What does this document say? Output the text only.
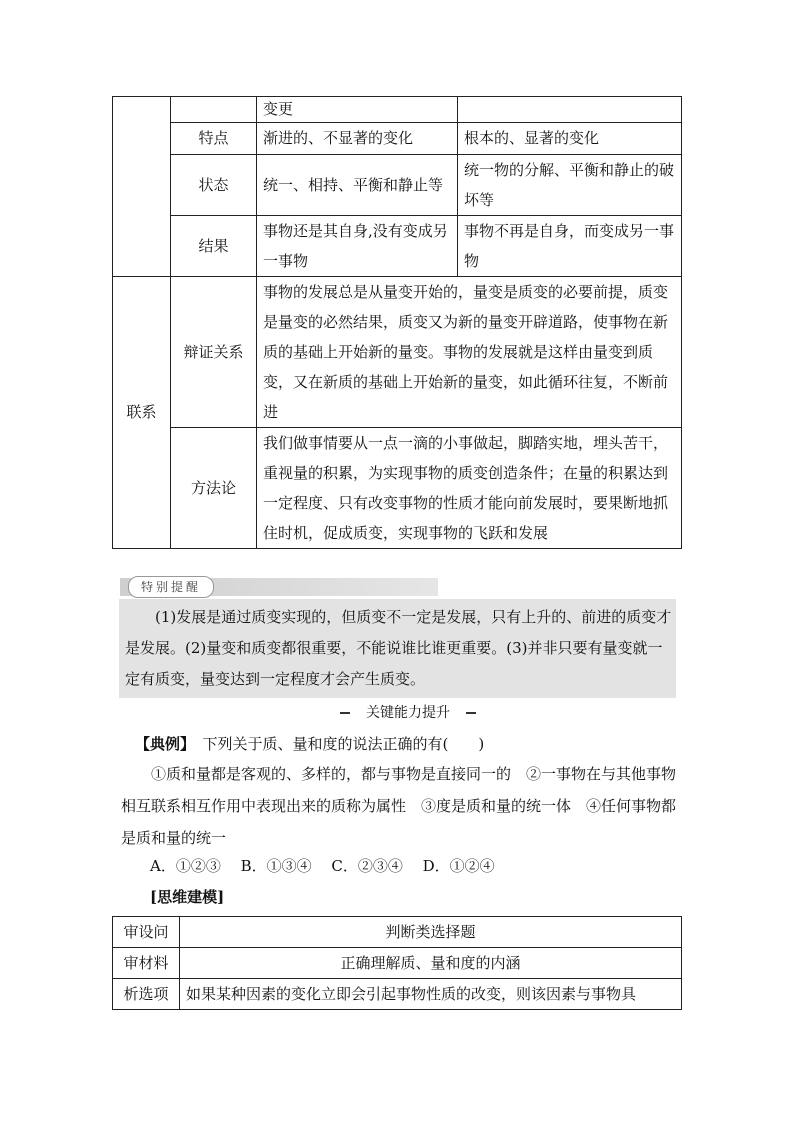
		变更	
	特点	渐进的、不显著的变化	根本的、显著的变化
	状态	统一、相持、平衡和静止等	统一物的分解、平衡和静止的破坏等
	结果	事物还是其自身,没有变成另一事物	事物不再是自身，而变成另一事物
联系	辩证关系	事物的发展总是从量变开始的，量变是质变的必要前提，质变是量变的必然结果，质变又为新的量变开辟道路，使事物在新质的基础上开始新的量变。事物的发展就是这样由量变到质变，又在新质的基础上开始新的量变，如此循环往复，不断前进	
	方法论	我们做事情要从一点一滴的小事做起，脚踏实地，埋头苦干，重视量的积累，为实现事物的质变创造条件；在量的积累达到一定程度、只有改变事物的性质才能向前发展时，要果断地抓住时机，促成质变，实现事物的飞跃和发展	
特别提醒

(1)发展是通过质变实现的，但质变不一定是发展，只有上升的、前进的质变才是发展。(2)量变和质变都很重要，不能说谁比谁更重要。(3)并非只要有量变就一定有质变，量变达到一定程度才会产生质变。

关键能力提升

【典例】　下列关于质、量和度的说法正确的有(　　)

①质和量都是客观的、多样的，都与事物是直接同一的　②一事物在与其他事物相互联系相互作用中表现出来的质称为属性　③度是质和量的统一体　④任何事物都是质和量的统一

A．①②③　 B．①③④　 C．②③④　 D．①②④

[思维建模]

审设问	判断类选择题
审材料	正确理解质、量和度的内涵
析选项	如果某种因素的变化立即会引起事物性质的改变，则该因素与事物具
